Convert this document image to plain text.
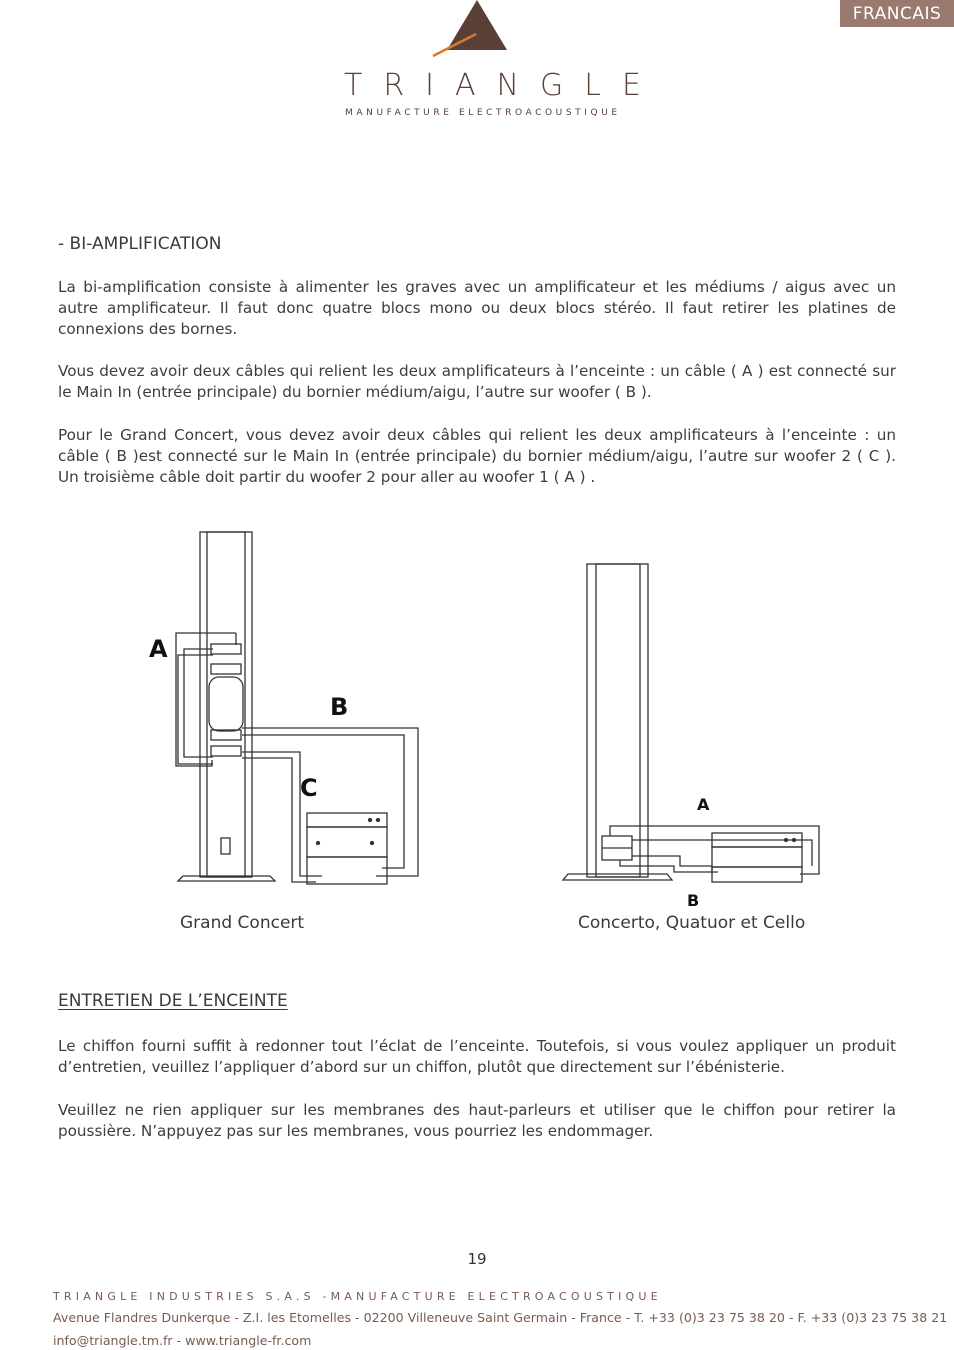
FRANCAIS
TRIANGLE
MANUFACTURE ELECTROACOUSTIQUE
- BI-AMPLIFICATION

La bi-amplification consiste à alimenter les graves avec un amplificateur et les médiums / aigus avec un autre amplificateur. Il faut donc quatre blocs mono ou deux blocs stéréo. Il faut retirer les platines de connexions des bornes.

Vous devez avoir deux câbles qui relient les deux amplificateurs à l’enceinte : un câble ( A ) est connecté sur le Main In (entrée principale) du bornier médium/aigu, l’autre sur woofer ( B ).

Pour le Grand Concert, vous devez avoir deux câbles qui relient les deux amplificateurs à l’enceinte : un câble ( B )est connecté sur le Main In (entrée principale) du bornier médium/aigu, l’autre sur woofer 2 ( C ). Un troisième câble doit partir du woofer 2 pour aller au woofer 1 ( A ) .

A
B
C
Grand Concert
A
B
Concerto, Quatuor et Cello
ENTRETIEN DE L’ENCEINTE

Le chiffon fourni suffit à redonner tout l’éclat de l’enceinte. Toutefois, si vous voulez appliquer un produit d’entretien, veuillez l’appliquer d’abord sur un chiffon, plutôt que directement sur l’ébénisterie.

Veuillez ne rien appliquer sur les membranes des haut-parleurs et utiliser que le chiffon pour retirer la poussière. N’appuyez pas sur les membranes, vous pourriez les endommager.

19
TRIANGLE INDUSTRIES S.A.S -MANUFACTURE ELECTROACOUSTIQUE
Avenue Flandres Dunkerque - Z.I. les Etomelles - 02200 Villeneuve Saint Germain - France - T. +33 (0)3 23 75 38 20 - F. +33 (0)3 23 75 38 21
info@triangle.tm.fr - www.triangle-fr.com
